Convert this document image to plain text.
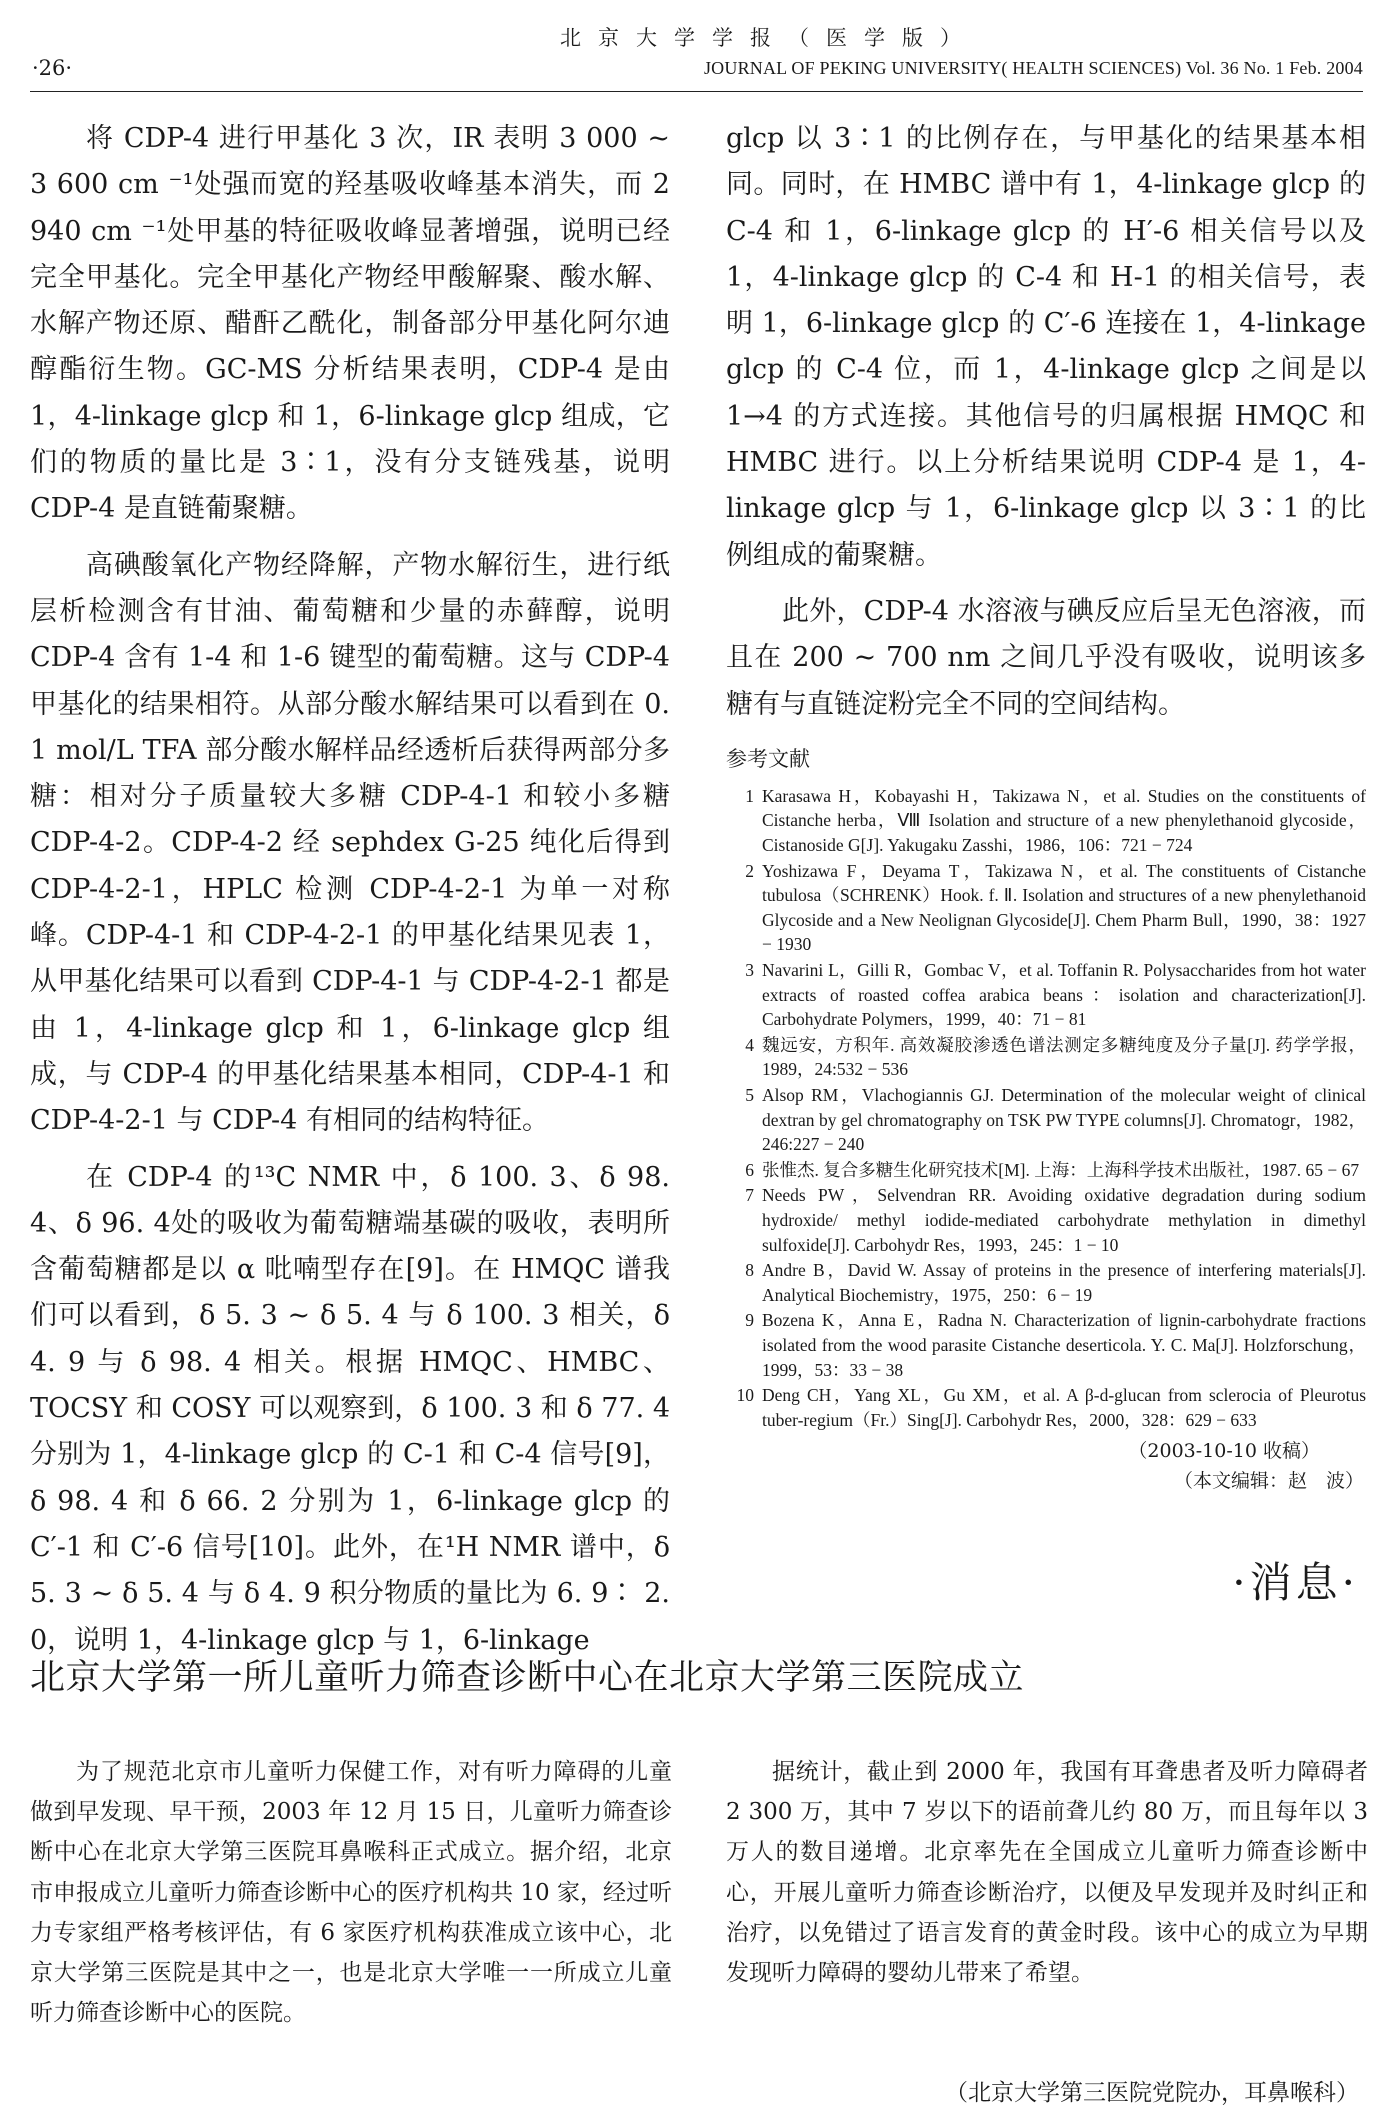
北京大学学报（医学版）
·26·	JOURNAL OF PEKING UNIVERSITY( HEALTH SCIENCES) Vol. 36 No. 1 Feb. 2004

将 CDP-4 进行甲基化 3 次，IR 表明 3 000 ~ 3 600 cm ⁻¹处强而宽的羟基吸收峰基本消失，而 2 940 cm ⁻¹处甲基的特征吸收峰显著增强，说明已经完全甲基化。完全甲基化产物经甲酸解聚、酸水解、水解产物还原、醋酐乙酰化，制备部分甲基化阿尔迪醇酯衍生物。GC-MS 分析结果表明，CDP-4 是由 1，4-linkage glcp 和 1，6-linkage glcp 组成，它们的物质的量比是 3∶1，没有分支链残基，说明 CDP-4 是直链葡聚糖。

高碘酸氧化产物经降解，产物水解衍生，进行纸层析检测含有甘油、葡萄糖和少量的赤藓醇，说明 CDP-4 含有 1-4 和 1-6 键型的葡萄糖。这与 CDP-4 甲基化的结果相符。从部分酸水解结果可以看到在 0. 1 mol/L TFA 部分酸水解样品经透析后获得两部分多糖：相对分子质量较大多糖 CDP-4-1 和较小多糖 CDP-4-2。CDP-4-2 经 sephdex G-25 纯化后得到 CDP-4-2-1，HPLC 检测 CDP-4-2-1 为单一对称峰。CDP-4-1 和 CDP-4-2-1 的甲基化结果见表 1，从甲基化结果可以看到 CDP-4-1 与 CDP-4-2-1 都是由 1，4-linkage glcp 和 1，6-linkage glcp 组成，与 CDP-4 的甲基化结果基本相同，CDP-4-1 和 CDP-4-2-1 与 CDP-4 有相同的结构特征。

在 CDP-4 的¹³C NMR 中，δ 100. 3、δ 98. 4、δ 96. 4处的吸收为葡萄糖端基碳的吸收，表明所含葡萄糖都是以 α 吡喃型存在[9]。在 HMQC 谱我们可以看到，δ 5. 3 ~ δ 5. 4 与 δ 100. 3 相关，δ 4. 9 与 δ 98. 4 相关。根据 HMQC、HMBC、TOCSY 和 COSY 可以观察到，δ 100. 3 和 δ 77. 4 分别为 1，4-linkage glcp 的 C-1 和 C-4 信号[9]，δ 98. 4 和 δ 66. 2 分别为 1，6-linkage glcp 的 C′-1 和 C′-6 信号[10]。此外，在¹H NMR 谱中，δ 5. 3 ~ δ 5. 4 与 δ 4. 9 积分物质的量比为 6. 9∶ 2. 0，说明 1，4-linkage glcp 与 1，6-linkage

glcp 以 3∶1 的比例存在，与甲基化的结果基本相同。同时，在 HMBC 谱中有 1，4-linkage glcp 的 C-4 和 1，6-linkage glcp 的 H′-6 相关信号以及 1，4-linkage glcp 的 C-4 和 H-1 的相关信号，表明 1，6-linkage glcp 的 C′-6 连接在 1，4-linkage glcp 的 C-4 位，而 1，4-linkage glcp 之间是以 1→4 的方式连接。其他信号的归属根据 HMQC 和 HMBC 进行。以上分析结果说明 CDP-4 是 1，4-linkage glcp 与 1，6-linkage glcp 以 3∶1 的比例组成的葡聚糖。

此外，CDP-4 水溶液与碘反应后呈无色溶液，而且在 200 ~ 700 nm 之间几乎没有吸收，说明该多糖有与直链淀粉完全不同的空间结构。

参考文献

1 Karasawa H，Kobayashi H，Takizawa N，et al. Studies on the constituents of Cistanche herba，Ⅷ Isolation and structure of a new phenylethanoid glycoside，Cistanoside G[J]. Yakugaku Zasshi，1986，106：721 − 724
2 Yoshizawa F，Deyama T，Takizawa N，et al. The constituents of Cistanche tubulosa（SCHRENK）Hook. f. Ⅱ. Isolation and structures of a new phenylethanoid Glycoside and a New Neolignan Glycoside[J]. Chem Pharm Bull，1990，38：1927 − 1930
3 Navarini L，Gilli R，Gombac V，et al. Toffanin R. Polysaccharides from hot water extracts of roasted coffea arabica beans：isolation and characterization[J]. Carbohydrate Polymers，1999，40：71 − 81
4 魏远安，方积年. 高效凝胶渗透色谱法测定多糖纯度及分子量[J]. 药学学报，1989，24:532 − 536
5 Alsop RM，Vlachogiannis GJ. Determination of the molecular weight of clinical dextran by gel chromatography on TSK PW TYPE columns[J]. Chromatogr，1982，246:227 − 240
6 张惟杰. 复合多糖生化研究技术[M]. 上海：上海科学技术出版社，1987. 65 − 67
7 Needs PW，Selvendran RR. Avoiding oxidative degradation during sodium hydroxide/ methyl iodide-mediated carbohydrate methylation in dimethyl sulfoxide[J]. Carbohydr Res，1993，245：1 − 10
8 Andre B，David W. Assay of proteins in the presence of interfering materials[J]. Analytical Biochemistry，1975，250：6 − 19
9 Bozena K，Anna E，Radna N. Characterization of lignin-carbohydrate fractions isolated from the wood parasite Cistanche deserticola. Y. C. Ma[J]. Holzforschung，1999，53：33 − 38
10 Deng CH，Yang XL，Gu XM，et al. A β-d-glucan from sclerocia of Pleurotus tuber-regium（Fr.）Sing[J]. Carbohydr Res，2000，328：629 − 633

（2003-10-10 收稿）

（本文编辑：赵　波）

·消息·
北京大学第一所儿童听力筛查诊断中心在北京大学第三医院成立

为了规范北京市儿童听力保健工作，对有听力障碍的儿童做到早发现、早干预，2003 年 12 月 15 日，儿童听力筛查诊断中心在北京大学第三医院耳鼻喉科正式成立。据介绍，北京市申报成立儿童听力筛查诊断中心的医疗机构共 10 家，经过听力专家组严格考核评估，有 6 家医疗机构获准成立该中心，北京大学第三医院是其中之一，也是北京大学唯一一所成立儿童听力筛查诊断中心的医院。

据统计，截止到 2000 年，我国有耳聋患者及听力障碍者 2 300 万，其中 7 岁以下的语前聋儿约 80 万，而且每年以 3 万人的数目递增。北京率先在全国成立儿童听力筛查诊断中心，开展儿童听力筛查诊断治疗，以便及早发现并及时纠正和治疗，以免错过了语言发育的黄金时段。该中心的成立为早期发现听力障碍的婴幼儿带来了希望。

（北京大学第三医院党院办，耳鼻喉科）
